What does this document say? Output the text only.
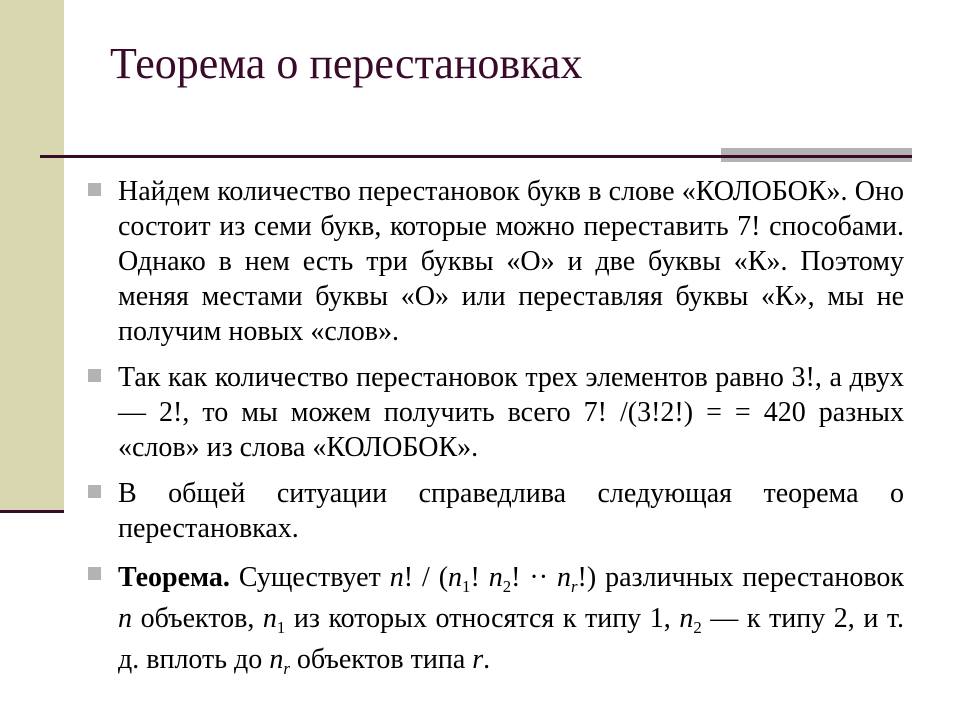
Теорема о перестановках
Найдем количество перестановок букв в слове «КОЛОБОК». Оно состоит из семи букв, которые можно переставить 7! способами. Однако в нем есть три буквы «О» и две буквы «К». Поэтому меняя местами буквы «О» или переставляя буквы «К», мы не получим новых «слов».
Так как количество перестановок трех элементов равно 3!, а двух — 2!, то мы можем получить всего 7! /(3!2!) = = 420 разных «слов» из слова «КОЛОБОК».
В общей ситуации справедлива следующая теорема о перестановках.
Теорема. Существует n! / ($n_1$! $n_2$! ·· $n_r$!) различных перестановок n объектов, $n_1$ из которых относятся к типу 1, $n_2$ — к типу 2, и т. д. вплоть до $n_r$ объектов типа r.
